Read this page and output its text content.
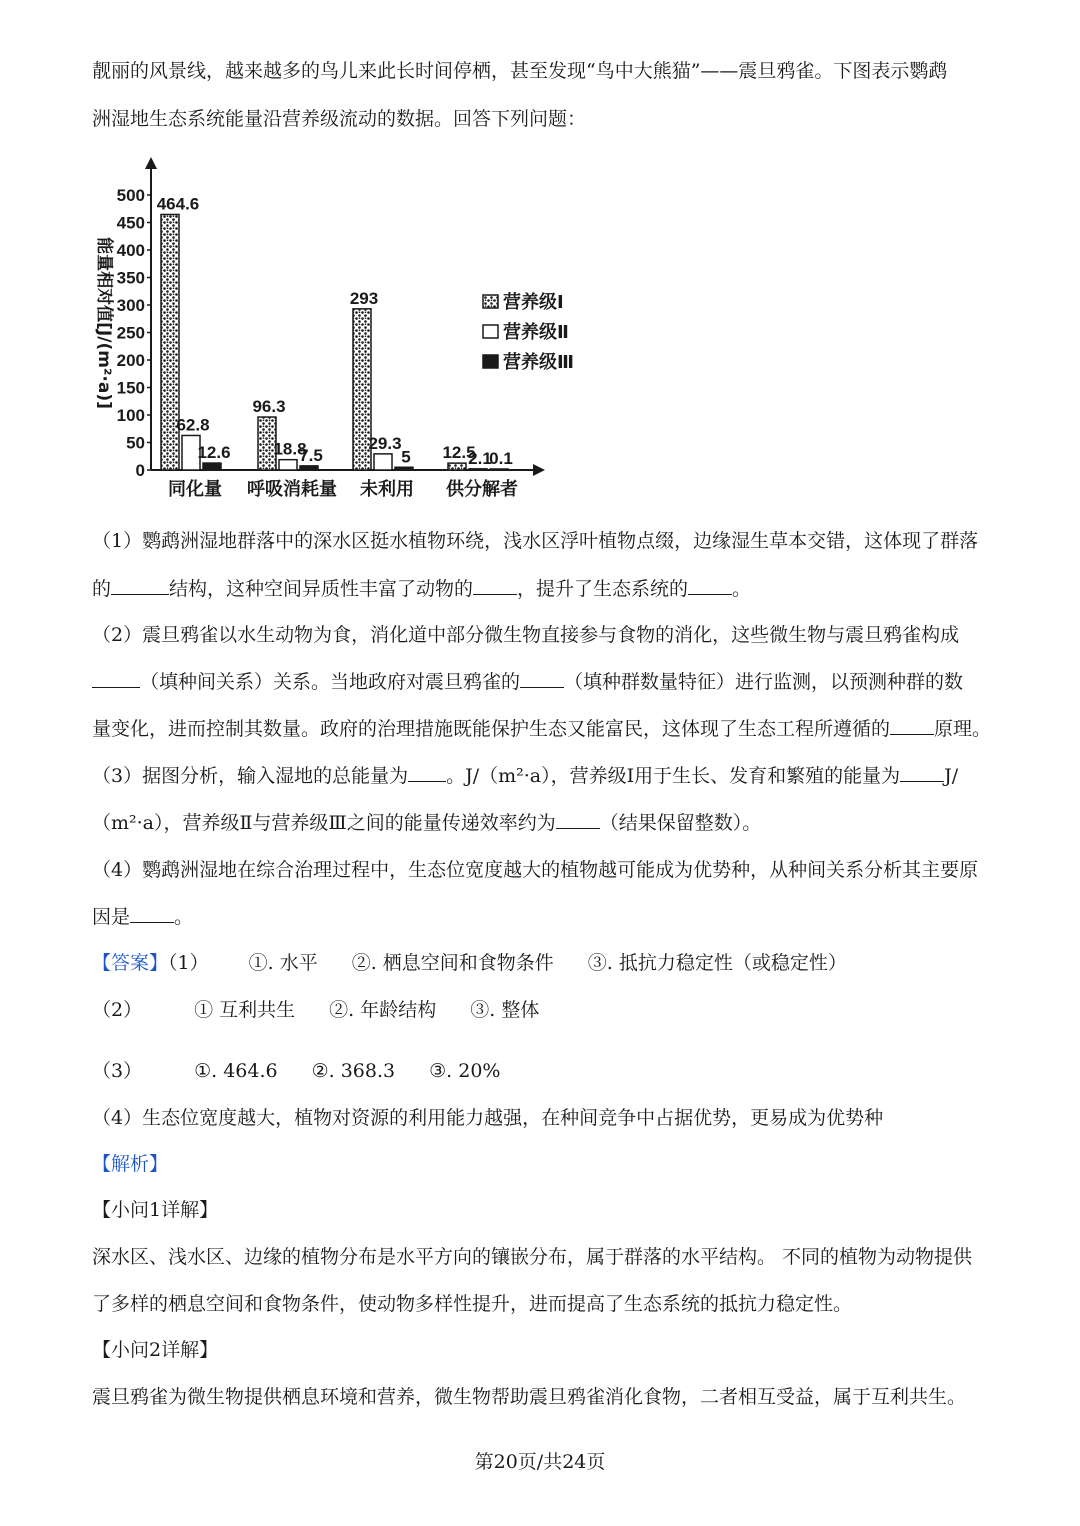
靓丽的风景线，越来越多的鸟儿来此长时间停栖，甚至发现“鸟中大熊猫”——震旦鸦雀。下图表示鹦鹉
洲湿地生态系统能量沿营养级流动的数据。回答下列问题：
0
50
100
150
200
250
300
350
400
450
500 464.6
62.8
12.6
96.3
18.8
7.5
293
29.3
5 12.5
2.1
0.1
同化量 呼吸消耗量 未利用 供分解者
营养级Ⅰ
营养级Ⅱ
营养级Ⅲ
能量相对值[J/(m²·a)]
（1）鹦鹉洲湿地群落中的深水区挺水植物环绕，浅水区浮叶植物点缀，边缘湿生草本交错，这体现了群落
的	结构，这种空间异质性丰富了动物的 ，提升了生态系统的 。
（2）震旦鸦雀以水生动物为食，消化道中部分微生物直接参与食物的消化，这些微生物与震旦鸦雀构成
（填种间关系）关系。当地政府对震旦鸦雀的 （填种群数量特征）进行监测，以预测种群的数
量变化，进而控制其数量。政府的治理措施既能保护生态又能富民，这体现了生态工程所遵循的 原理。
（3）据图分析，输入湿地的总能量为 。J/（m²·a），营养级Ⅰ用于生长、发育和繁殖的能量为 J/
（m²·a），营养级Ⅱ与营养级Ⅲ之间的能量传递效率约为 （结果保留整数）。
（4）鹦鹉洲湿地在综合治理过程中，生态位宽度越大的植物越可能成为优势种，从种间关系分析其主要原
因是 。
【答案】（1） ①. 水平 ②. 栖息空间和食物条件 ③. 抵抗力稳定性（或稳定性）
（2）	① 互利共生 ②. 年龄结构 ③. 整体
（3）	①. 464.6 ②. 368.3 ③. 20%
（4）生态位宽度越大，植物对资源的利用能力越强，在种间竞争中占据优势，更易成为优势种
【解析】
【小问1详解】
深水区、浅水区、边缘的植物分布是水平方向的镶嵌分布，属于群落的水平结构。 不同的植物为动物提供
了多样的栖息空间和食物条件，使动物多样性提升，进而提高了生态系统的抵抗力稳定性。
【小问2详解】
震旦鸦雀为微生物提供栖息环境和营养，微生物帮助震旦鸦雀消化食物，二者相互受益，属于互利共生。
第20页/共24页
